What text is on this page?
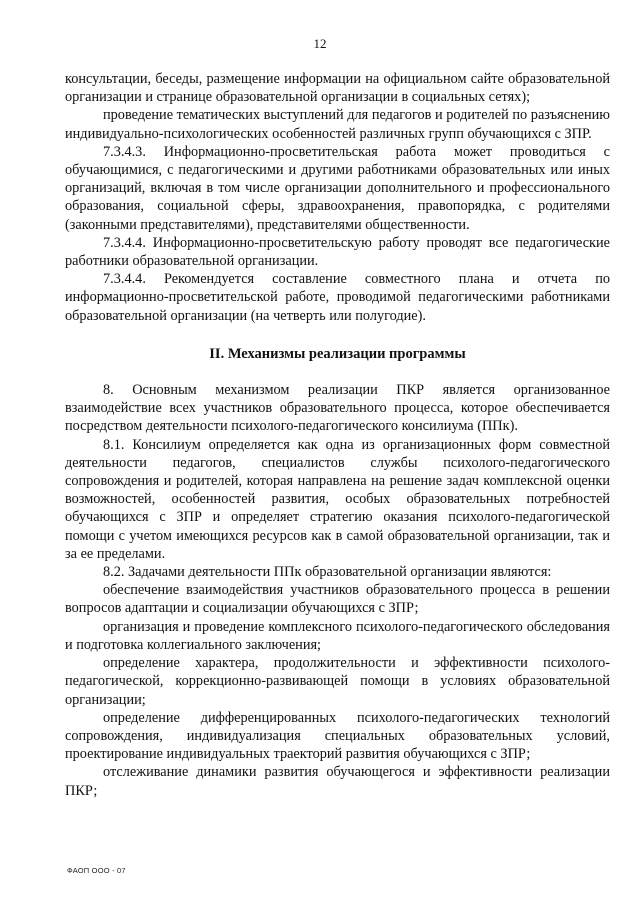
12

консультации, беседы, размещение информации на официальном сайте образовательной организации и странице образовательной организации в социальных сетях);

проведение тематических выступлений для педагогов и родителей по разъяснению индивидуально-психологических особенностей различных групп обучающихся с ЗПР.

7.3.4.3. Информационно-просветительская работа может проводиться с обучающимися, с педагогическими и другими работниками образовательных или иных организаций, включая в том числе организации дополнительного и профессионального образования, социальной сферы, здравоохранения, правопорядка, с родителями (законными представителями), представителями общественности.

7.3.4.4. Информационно-просветительскую работу проводят все педагогические работники образовательной организации.

7.3.4.4. Рекомендуется составление совместного плана и отчета по информационно-просветительской работе, проводимой педагогическими работниками образовательной организации (на четверть или полугодие).

II. Механизмы реализации программы

8. Основным механизмом реализации ПКР является организованное взаимодействие всех участников образовательного процесса, которое обеспечивается посредством деятельности психолого-педагогического консилиума (ППк).

8.1. Консилиум определяется как одна из организационных форм совместной деятельности педагогов, специалистов службы психолого-педагогического сопровождения и родителей, которая направлена на решение задач комплексной оценки возможностей, особенностей развития, особых образовательных потребностей обучающихся с ЗПР и определяет стратегию оказания психолого-педагогической помощи с учетом имеющихся ресурсов как в самой образовательной организации, так и за ее пределами.

8.2. Задачами деятельности ППк образовательной организации являются:

обеспечение взаимодействия участников образовательного процесса в решении вопросов адаптации и социализации обучающихся с ЗПР;

организация и проведение комплексного психолого-педагогического обследования и подготовка коллегиального заключения;

определение характера, продолжительности и эффективности психолого-педагогической, коррекционно-развивающей помощи в условиях образовательной организации;

определение дифференцированных психолого-педагогических технологий сопровождения, индивидуализация специальных образовательных условий, проектирование индивидуальных траекторий развития обучающихся с ЗПР;

отслеживание динамики развития обучающегося и эффективности реализации ПКР;

ФАОП ООО - 07
